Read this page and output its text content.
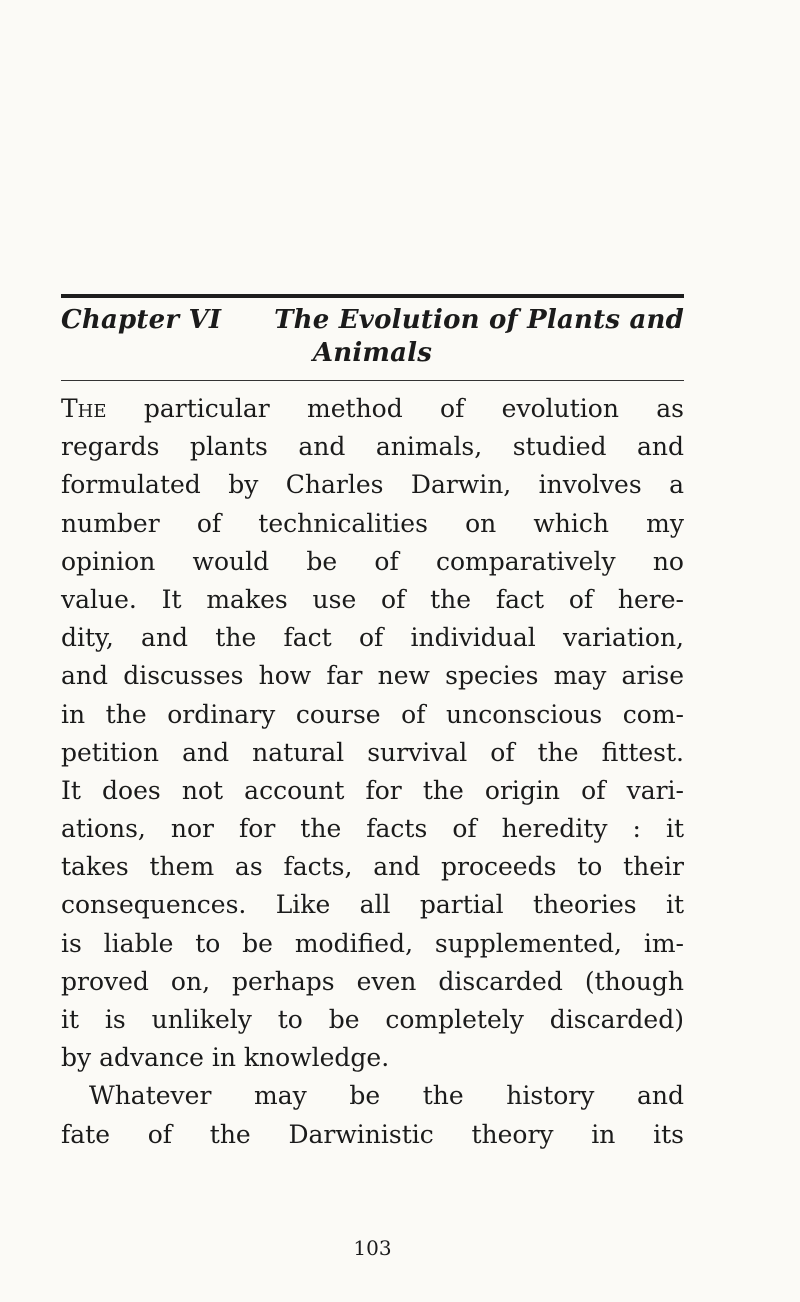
Chapter VI The Evolution of Plants and
Animals
The particular method of evolution as
regards plants and animals, studied and
formulated by Charles Darwin, involves a
number of technicalities on which my
opinion would be of comparatively no
value. It makes use of the fact of here-
dity, and the fact of individual variation,
and discusses how far new species may arise
in the ordinary course of unconscious com-
petition and natural survival of the fittest.
It does not account for the origin of vari-
ations, nor for the facts of heredity : it
takes them as facts, and proceeds to their
consequences. Like all partial theories it
is liable to be modified, supplemented, im-
proved on, perhaps even discarded (though
it is unlikely to be completely discarded)
by advance in knowledge.
Whatever may be the history and
fate of the Darwinistic theory in its
103
